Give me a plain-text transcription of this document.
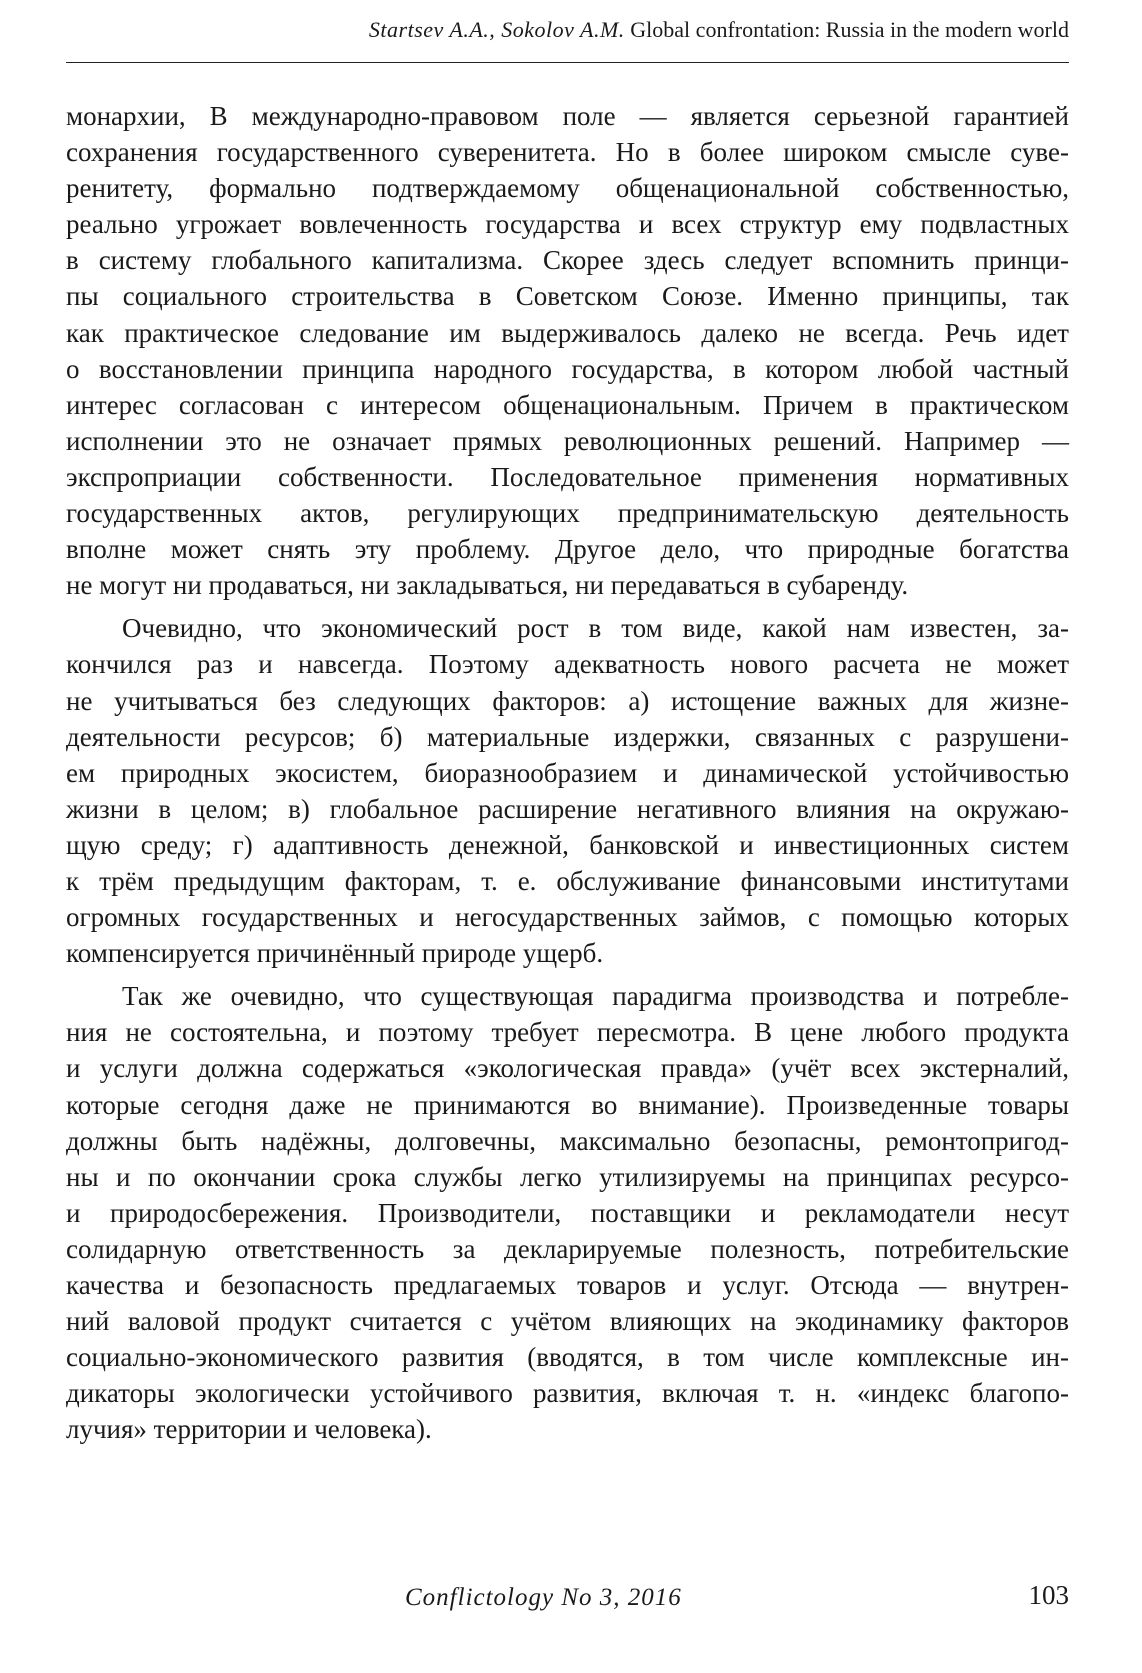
Startsev A.A., Sokolov A.M. Global confrontation: Russia in the modern world
монархии, В международно-правовом поле — является серьезной гарантией
сохранения государственного суверенитета. Но в более широком смысле суве-
ренитету, формально подтверждаемому общенациональной собственностью,
реально угрожает вовлеченность государства и всех структур ему подвластных
в систему глобального капитализма. Скорее здесь следует вспомнить принци-
пы социального строительства в Советском Союзе. Именно принципы, так
как практическое следование им выдерживалось далеко не всегда. Речь идет
о восстановлении принципа народного государства, в котором любой частный
интерес согласован с интересом общенациональным. Причем в практическом
исполнении это не означает прямых революционных решений. Например —
экспроприации собственности. Последовательное применения нормативных
государственных актов, регулирующих предпринимательскую деятельность
вполне может снять эту проблему. Другое дело, что природные богатства
не могут ни продаваться, ни закладываться, ни передаваться в субаренду.
Очевидно, что экономический рост в том виде, какой нам известен, за-
кончился раз и навсегда. Поэтому адекватность нового расчета не может
не учитываться без следующих факторов: а) истощение важных для жизне-
деятельности ресурсов; б) материальные издержки, связанных с разрушени-
ем природных экосистем, биоразнообразием и динамической устойчивостью
жизни в целом; в) глобальное расширение негативного влияния на окружаю-
щую среду; г) адаптивность денежной, банковской и инвестиционных систем
к трём предыдущим факторам, т. е. обслуживание финансовыми институтами
огромных государственных и негосударственных займов, с помощью которых
компенсируется причинённый природе ущерб.
Так же очевидно, что существующая парадигма производства и потребле-
ния не состоятельна, и поэтому требует пересмотра. В цене любого продукта
и услуги должна содержаться «экологическая правда» (учёт всех экстерналий,
которые сегодня даже не принимаются во внимание). Произведенные товары
должны быть надёжны, долговечны, максимально безопасны, ремонтопригод-
ны и по окончании срока службы легко утилизируемы на принципах ресурсо-
и природосбережения. Производители, поставщики и рекламодатели несут
солидарную ответственность за декларируемые полезность, потребительские
качества и безопасность предлагаемых товаров и услуг. Отсюда — внутрен-
ний валовой продукт считается с учётом влияющих на экодинамику факторов
социально-экономического развития (вводятся, в том числе комплексные ин-
дикаторы экологически устойчивого развития, включая т. н. «индекс благопо-
лучия» территории и человека).
Conflictology No 3, 2016	103
